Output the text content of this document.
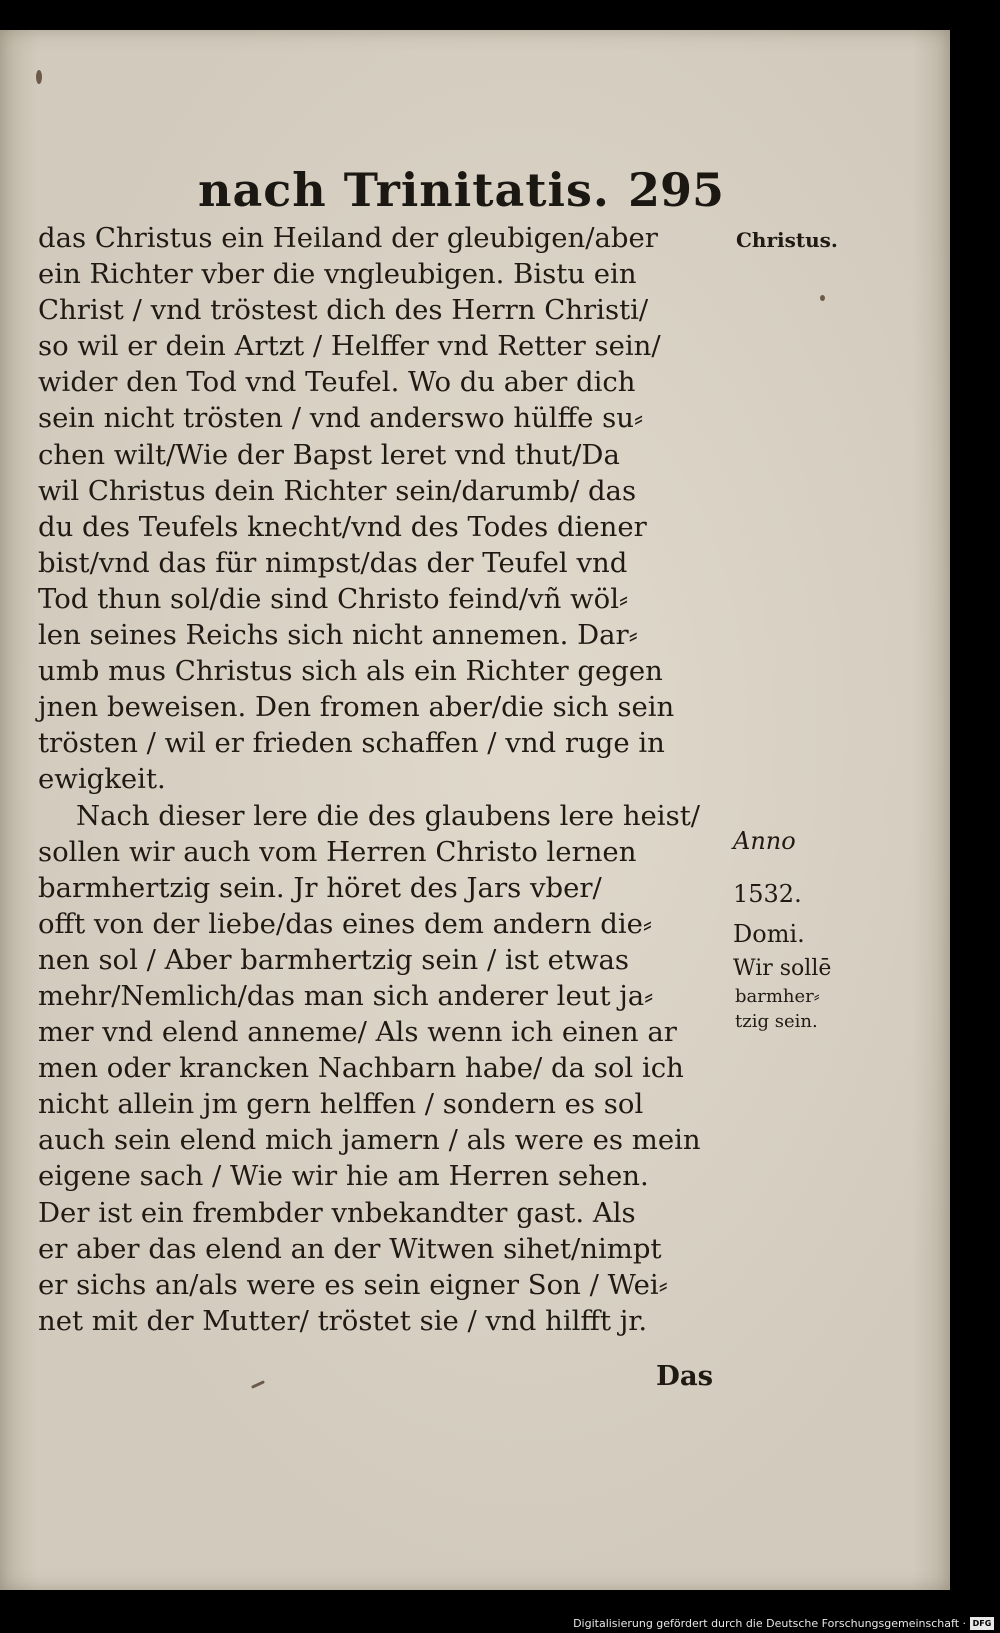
nach Trinitatis. 295
das Christus ein Heiland der gleubigen/aber
ein Richter vber die vngleubigen. Bistu ein
Christ / vnd tröstest dich des Herrn Christi/
so wil er dein Artzt / Helffer vnd Retter sein/
wider den Tod vnd Teufel. Wo du aber dich
sein nicht trösten / vnd anderswo hülffe su⸗
chen wilt/Wie der Bapst leret vnd thut/Da
wil Christus dein Richter sein/darumb/ das
du des Teufels knecht/vnd des Todes diener
bist/vnd das für nimpst/das der Teufel vnd
Tod thun sol/die sind Christo feind/vñ wöl⸗
len seines Reichs sich nicht annemen. Dar⸗
umb mus Christus sich als ein Richter gegen
jnen beweisen. Den fromen aber/die sich sein
trösten / wil er frieden schaffen / vnd ruge in
ewigkeit.
Nach dieser lere die des glaubens lere heist/
sollen wir auch vom Herren Christo lernen
barmhertzig sein. Jr höret des Jars vber/
offt von der liebe/das eines dem andern die⸗
nen sol / Aber barmhertzig sein / ist etwas
mehr/Nemlich/das man sich anderer leut ja⸗
mer vnd elend anneme/ Als wenn ich einen ar
men oder krancken Nachbarn habe/ da sol ich
nicht allein jm gern helffen / sondern es sol
auch sein elend mich jamern / als were es mein
eigene sach / Wie wir hie am Herren sehen.
Der ist ein frembder vnbekandter gast. Als
er aber das elend an der Witwen sihet/nimpt
er sichs an/als were es sein eigner Son / Wei⸗
net mit der Mutter/ tröstet sie / vnd hilfft jr.
Das
Christus.
Anno
1532.
Domi.
Wir sollē
barmher⸗
tzig sein.
Digitalisierung gefördert durch die Deutsche Forschungsgemeinschaft · DFG
